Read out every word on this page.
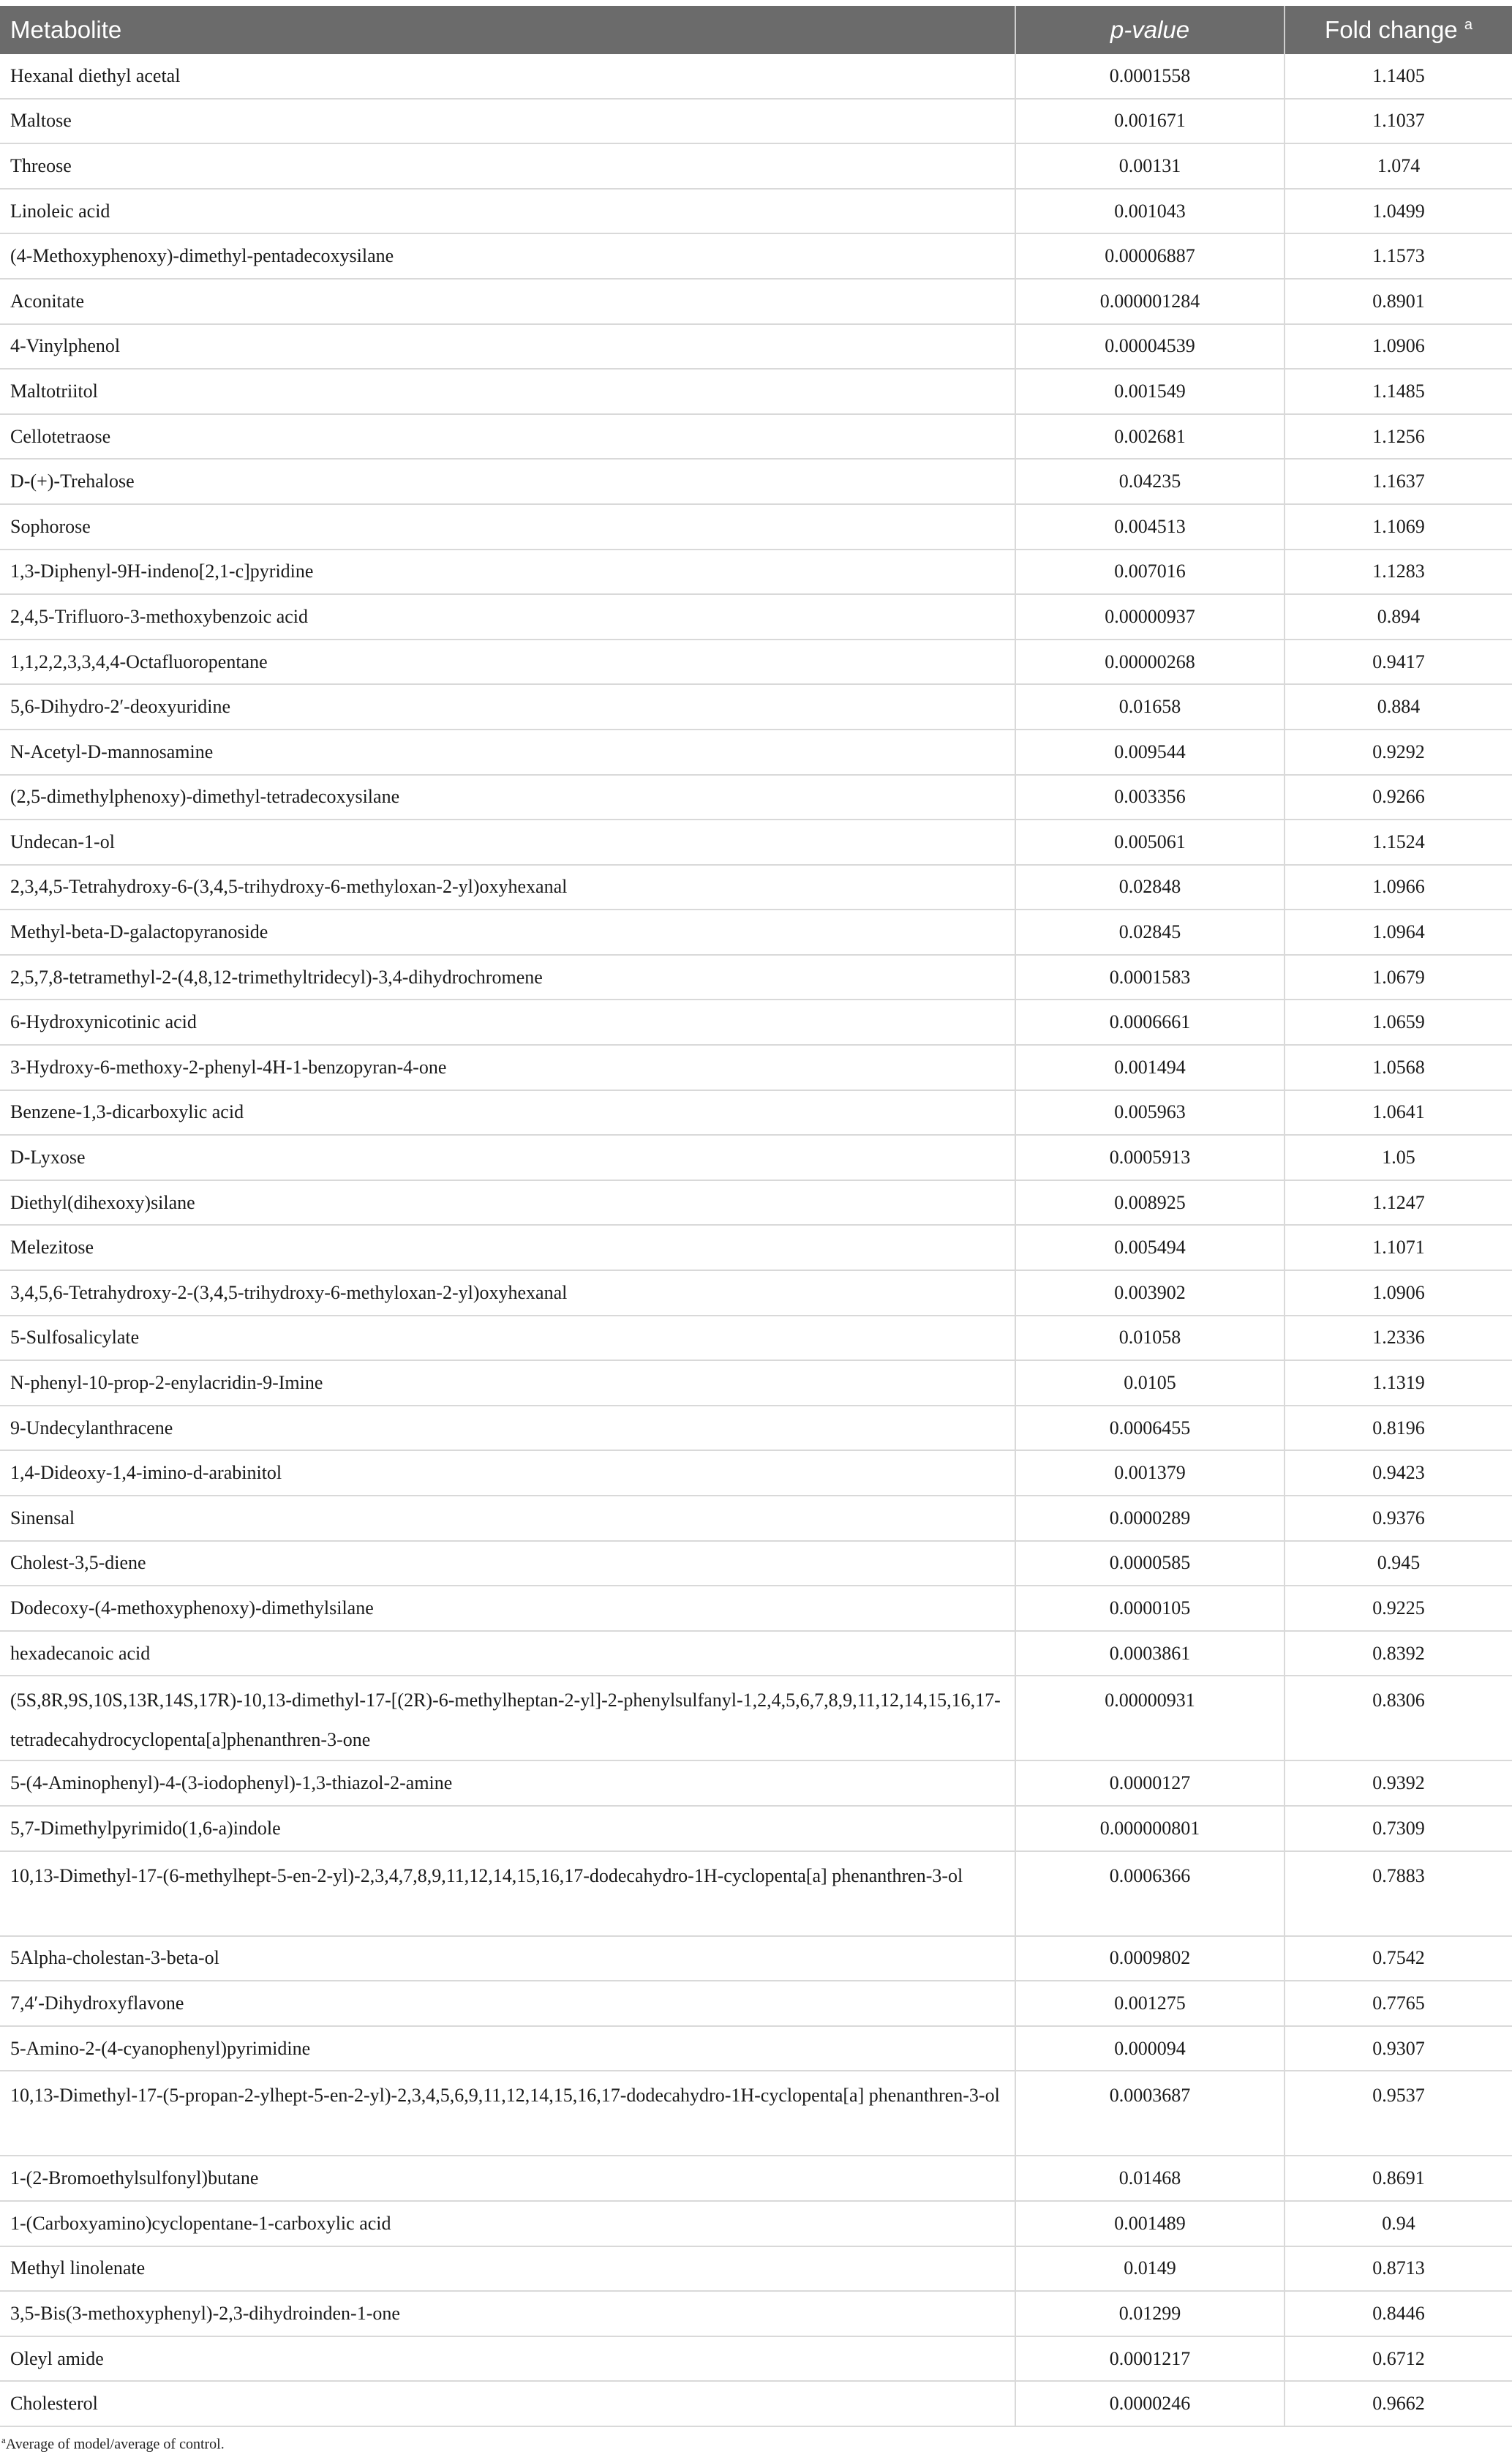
Metabolite	p-value	Fold change $^a$
Hexanal diethyl acetal	0.0001558	1.1405
Maltose	0.001671	1.1037
Threose	0.00131	1.074
Linoleic acid	0.001043	1.0499
(4-Methoxyphenoxy)-dimethyl-pentadecoxysilane	0.00006887	1.1573
Aconitate	0.000001284	0.8901
4-Vinylphenol	0.00004539	1.0906
Maltotriitol	0.001549	1.1485
Cellotetraose	0.002681	1.1256
D-(+)-Trehalose	0.04235	1.1637
Sophorose	0.004513	1.1069
1,3-Diphenyl-9H-indeno[2,1-c]pyridine	0.007016	1.1283
2,4,5-Trifluoro-3-methoxybenzoic acid	0.00000937	0.894
1,1,2,2,3,3,4,4-Octafluoropentane	0.00000268	0.9417
5,6-Dihydro-2′-deoxyuridine	0.01658	0.884
N-Acetyl-D-mannosamine	0.009544	0.9292
(2,5-dimethylphenoxy)-dimethyl-tetradecoxysilane	0.003356	0.9266
Undecan-1-ol	0.005061	1.1524
2,3,4,5-Tetrahydroxy-6-(3,4,5-trihydroxy-6-methyloxan-2-yl)oxyhexanal	0.02848	1.0966
Methyl-beta-D-galactopyranoside	0.02845	1.0964
2,5,7,8-tetramethyl-2-(4,8,12-trimethyltridecyl)-3,4-dihydrochromene	0.0001583	1.0679
6-Hydroxynicotinic acid	0.0006661	1.0659
3-Hydroxy-6-methoxy-2-phenyl-4H-1-benzopyran-4-one	0.001494	1.0568
Benzene-1,3-dicarboxylic acid	0.005963	1.0641
D-Lyxose	0.0005913	1.05
Diethyl(dihexoxy)silane	0.008925	1.1247
Melezitose	0.005494	1.1071
3,4,5,6-Tetrahydroxy-2-(3,4,5-trihydroxy-6-methyloxan-2-yl)oxyhexanal	0.003902	1.0906
5-Sulfosalicylate	0.01058	1.2336
N-phenyl-10-prop-2-enylacridin-9-Imine	0.0105	1.1319
9-Undecylanthracene	0.0006455	0.8196
1,4-Dideoxy-1,4-imino-d-arabinitol	0.001379	0.9423
Sinensal	0.0000289	0.9376
Cholest-3,5-diene	0.0000585	0.945
Dodecoxy-(4-methoxyphenoxy)-dimethylsilane	0.0000105	0.9225
hexadecanoic acid	0.0003861	0.8392
(5S,8R,9S,10S,13R,14S,17R)-10,13-dimethyl-17-[(2R)-6-methylheptan-2-yl]-2-phenylsulfanyl-1,2,4,5,6,7,8,9,11,12,14,15,16,17-tetradecahydrocyclopenta[a]phenanthren-3-one	0.00000931	0.8306
5-(4-Aminophenyl)-4-(3-iodophenyl)-1,3-thiazol-2-amine	0.0000127	0.9392
5,7-Dimethylpyrimido(1,6-a)indole	0.000000801	0.7309
10,13-Dimethyl-17-(6-methylhept-5-en-2-yl)-2,3,4,7,8,9,11,12,14,15,16,17-dodecahydro-1H-cyclopenta[a] phenanthren-3-ol	0.0006366	0.7883
5Alpha-cholestan-3-beta-ol	0.0009802	0.7542
7,4′-Dihydroxyflavone	0.001275	0.7765
5-Amino-2-(4-cyanophenyl)pyrimidine	0.000094	0.9307
10,13-Dimethyl-17-(5-propan-2-ylhept-5-en-2-yl)-2,3,4,5,6,9,11,12,14,15,16,17-dodecahydro-1H-cyclopenta[a] phenanthren-3-ol	0.0003687	0.9537
1-(2-Bromoethylsulfonyl)butane	0.01468	0.8691
1-(Carboxyamino)cyclopentane-1-carboxylic acid	0.001489	0.94
Methyl linolenate	0.0149	0.8713
3,5-Bis(3-methoxyphenyl)-2,3-dihydroinden-1-one	0.01299	0.8446
Oleyl amide	0.0001217	0.6712
Cholesterol	0.0000246	0.9662
$^a$Average of model/average of control.
